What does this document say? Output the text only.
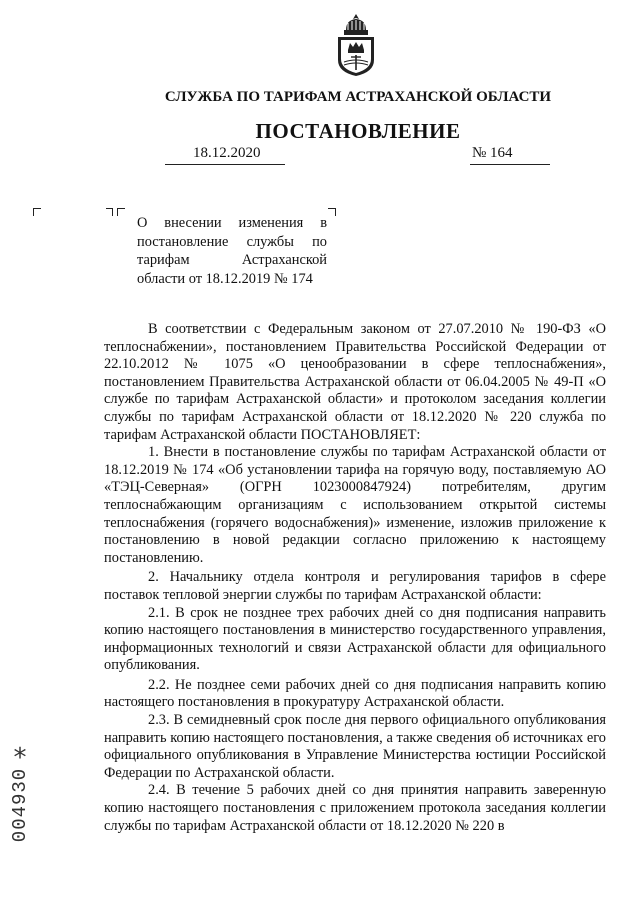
СЛУЖБА ПО ТАРИФАМ АСТРАХАНСКОЙ ОБЛАСТИ
ПОСТАНОВЛЕНИЕ
18.12.2020	№ 164
О внесении изменения в
постановление службы по
тарифам Астраханской
области от 18.12.2019 № 174

В соответствии с Федеральным законом от 27.07.2010 № 190-ФЗ «О теплоснабжении», постановлением Правительства Российской Федерации от 22.10.2012 № 1075 «О ценообразовании в сфере теплоснабжения», постановлением Правительства Астраханской области от 06.04.2005 № 49-П «О службе по тарифам Астраханской области» и протоколом заседания коллегии службы по тарифам Астраханской области от 18.12.2020 № 220 служба по тарифам Астраханской области ПОСТАНОВЛЯЕТ:

1. Внести в постановление службы по тарифам Астраханской области от 18.12.2019 № 174 «Об установлении тарифа на горячую воду, поставляемую АО «ТЭЦ-Северная» (ОГРН 1023000847924) потребителям, другим теплоснабжающим организациям с использованием открытой системы теплоснабжения (горячего водоснабжения)» изменение, изложив приложение к постановлению в новой редакции согласно приложению к настоящему постановлению.

2. Начальнику отдела контроля и регулирования тарифов в сфере поставок тепловой энергии службы по тарифам Астраханской области:

2.1. В срок не позднее трех рабочих дней со дня подписания направить копию настоящего постановления в министерство государственного управления, информационных технологий и связи Астраханской области для официального опубликования.

2.2. Не позднее семи рабочих дней со дня подписания направить копию настоящего постановления в прокуратуру Астраханской области.

2.3. В семидневный срок после дня первого официального опубликования направить копию настоящего постановления, а также сведения об источниках его официального опубликования в Управление Министерства юстиции Российской Федерации по Астраханской области.

2.4. В течение 5 рабочих дней со дня принятия направить заверенную копию настоящего постановления с приложением протокола заседания коллегии службы по тарифам Астраханской области от 18.12.2020 № 220 в

*
004930
